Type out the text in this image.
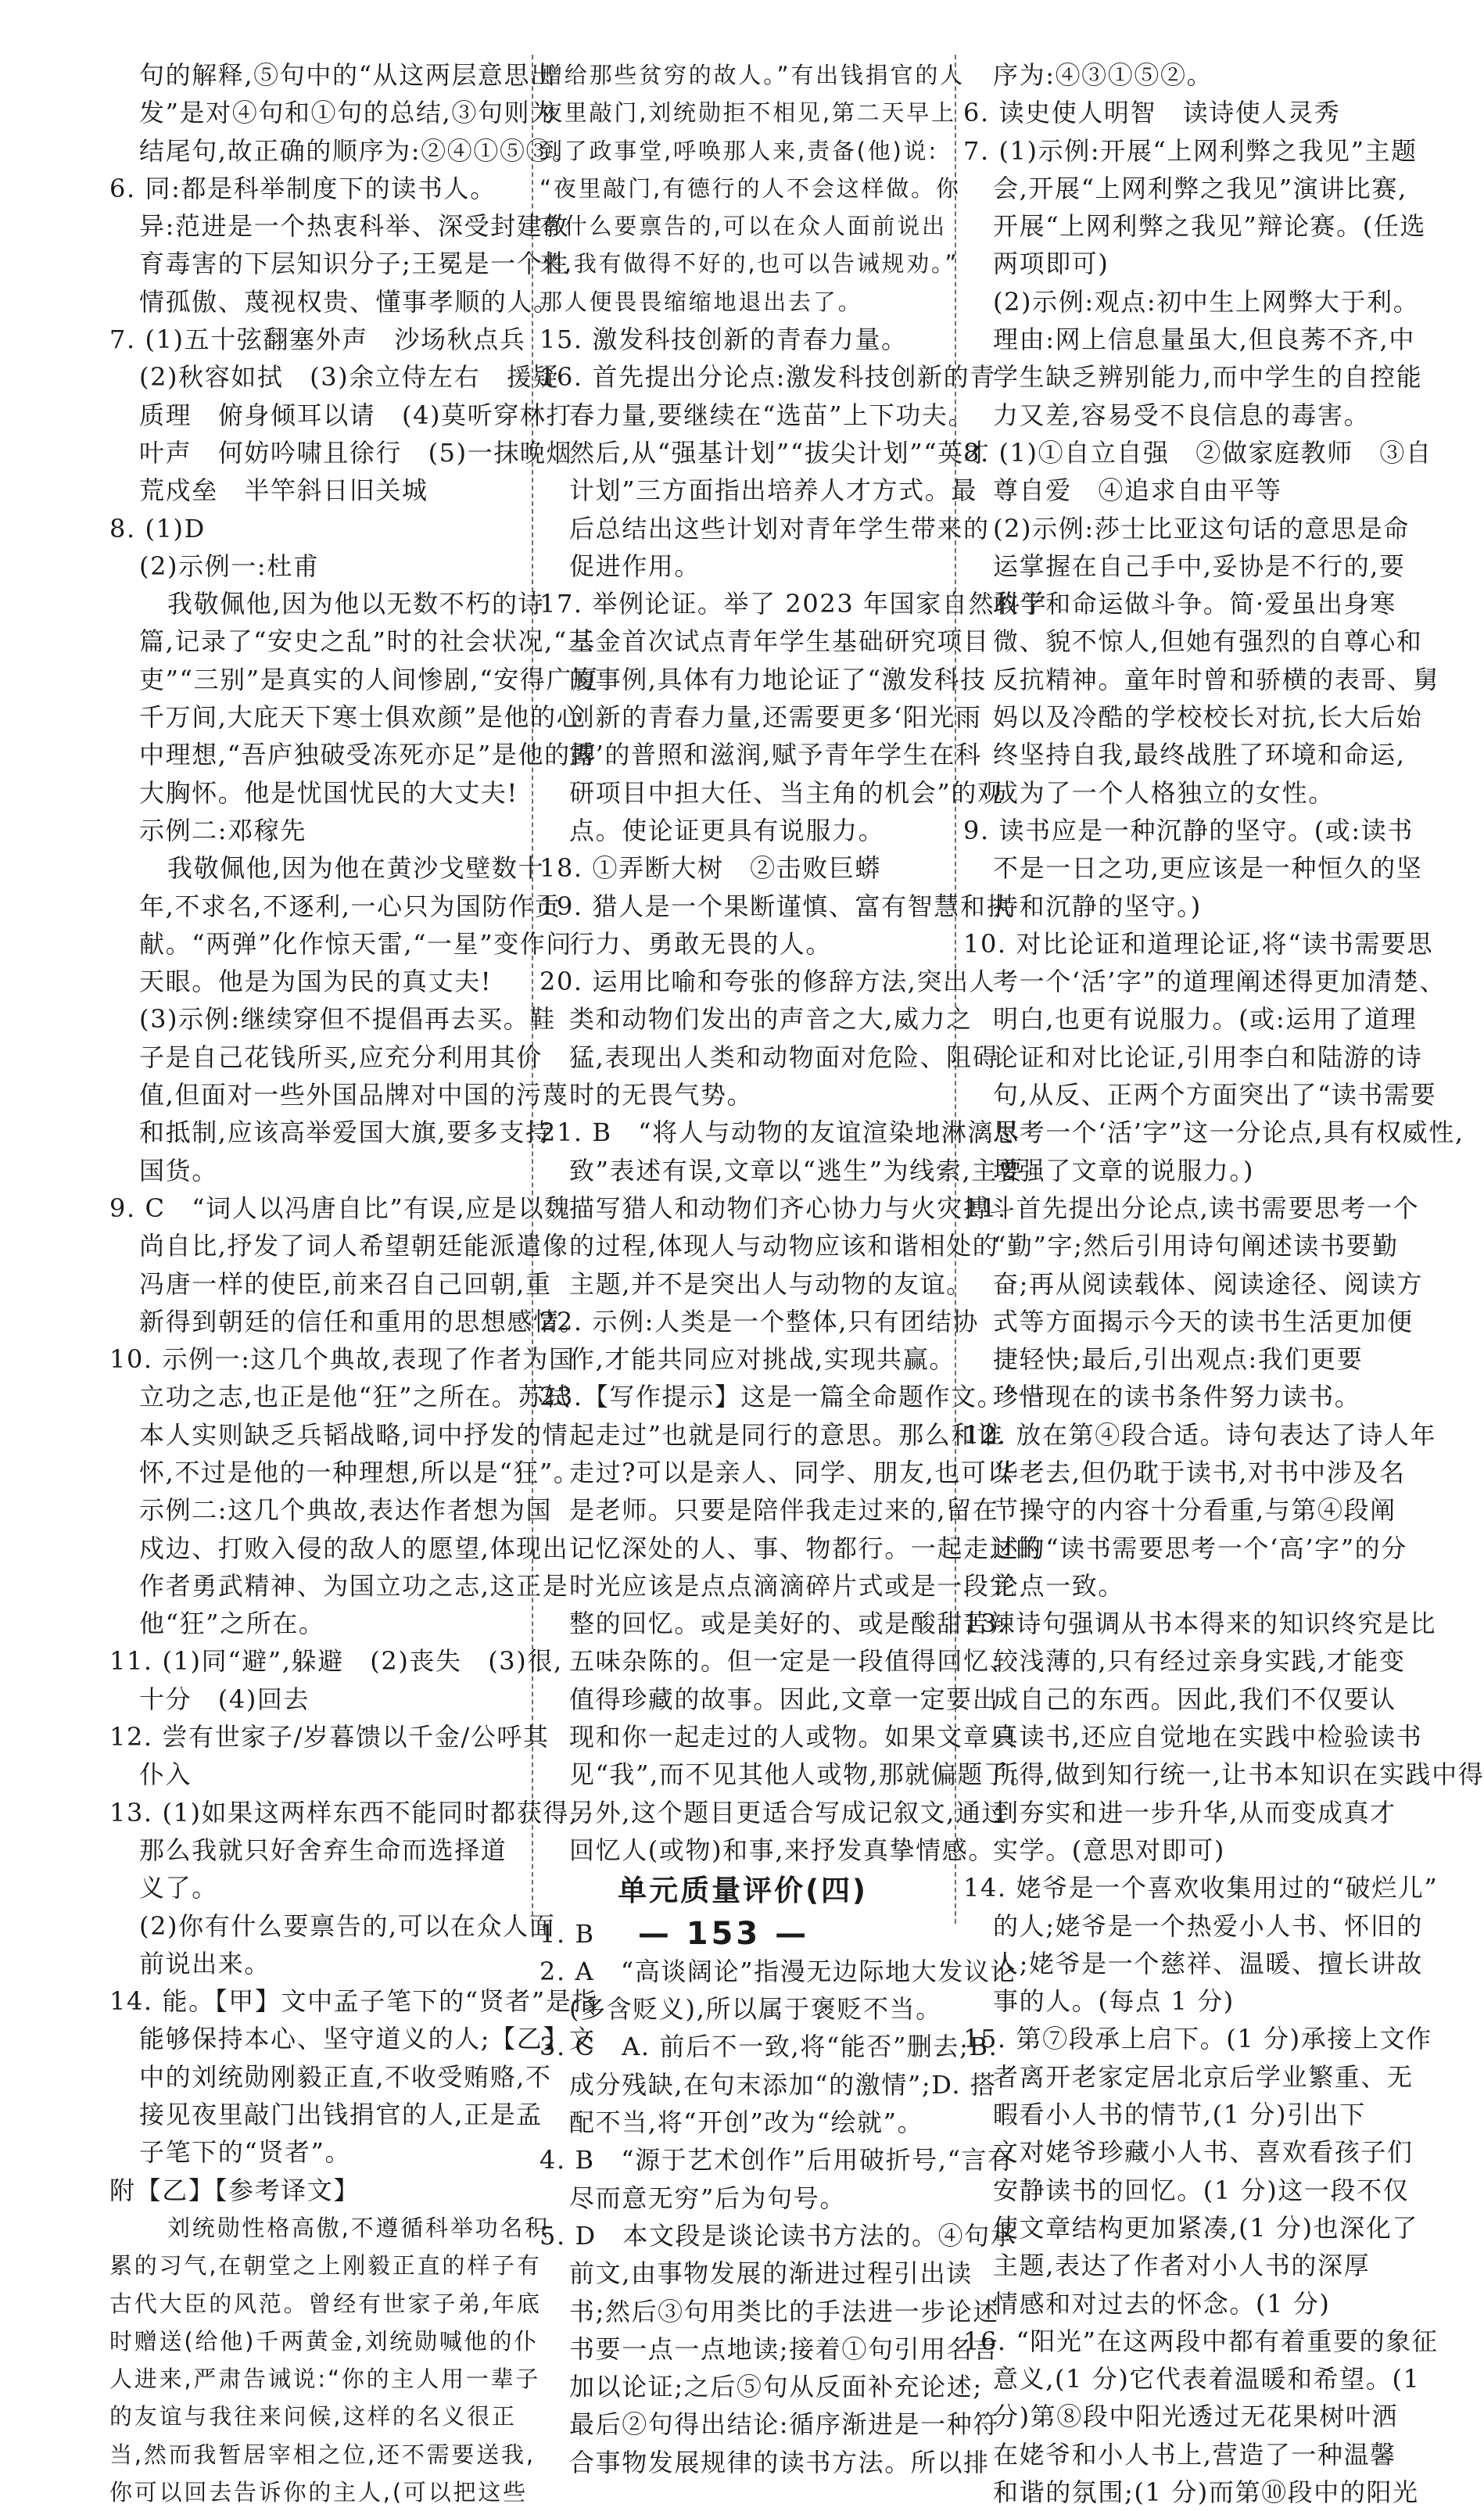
句的解释,⑤句中的“从这两层意思出
发”是对④句和①句的总结,③句则为
结尾句,故正确的顺序为:②④①⑤③。
6. 同:都是科举制度下的读书人。
异:范进是一个热衷科举、深受封建教
育毒害的下层知识分子;王冕是一个性
情孤傲、蔑视权贵、懂事孝顺的人。
7. (1)五十弦翻塞外声　沙场秋点兵
(2)秋容如拭　(3)余立侍左右　援疑
质理　俯身倾耳以请　(4)莫听穿林打
叶声　何妨吟啸且徐行　(5)一抹晚烟
荒戍垒　半竿斜日旧关城
8. (1)D
(2)示例一:杜甫
我敬佩他,因为他以无数不朽的诗
篇,记录了“安史之乱”时的社会状况,“三
吏”“三别”是真实的人间惨剧,“安得广厦
千万间,大庇天下寒士俱欢颜”是他的心
中理想,“吾庐独破受冻死亦足”是他的博
大胸怀。他是忧国忧民的大丈夫!
示例二:邓稼先
我敬佩他,因为他在黄沙戈壁数十
年,不求名,不逐利,一心只为国防作贡
献。“两弹”化作惊天雷,“一星”变作问
天眼。他是为国为民的真丈夫!
(3)示例:继续穿但不提倡再去买。鞋
子是自己花钱所买,应充分利用其价
值,但面对一些外国品牌对中国的污蔑
和抵制,应该高举爱国大旗,要多支持
国货。
9. C　“词人以冯唐自比”有误,应是以魏
尚自比,抒发了词人希望朝廷能派遣像
冯唐一样的使臣,前来召自己回朝,重
新得到朝廷的信任和重用的思想感情。
10. 示例一:这几个典故,表现了作者为国
立功之志,也正是他“狂”之所在。苏轼
本人实则缺乏兵韬战略,词中抒发的情
怀,不过是他的一种理想,所以是“狂”。
示例二:这几个典故,表达作者想为国
戍边、打败入侵的敌人的愿望,体现出
作者勇武精神、为国立功之志,这正是
他“狂”之所在。
11. (1)同“避”,躲避　(2)丧失　(3)很,
十分　(4)回去
12. 尝有世家子/岁暮馈以千金/公呼其
仆入
13. (1)如果这两样东西不能同时都获得,
那么我就只好舍弃生命而选择道
义了。
(2)你有什么要禀告的,可以在众人面
前说出来。
14. 能。【甲】文中孟子笔下的“贤者”是指
能够保持本心、坚守道义的人;【乙】文
中的刘统勋刚毅正直,不收受贿赂,不
接见夜里敲门出钱捐官的人,正是孟
子笔下的“贤者”。
附【乙】【参考译文】
刘统勋性格高傲,不遵循科举功名积
累的习气,在朝堂之上刚毅正直的样子有
古代大臣的风范。曾经有世家子弟,年底
时赠送(给他)千两黄金,刘统勋喊他的仆
人进来,严肃告诫说:“你的主人用一辈子
的友谊与我往来问候,这样的名义很正
当,然而我暂居宰相之位,还不需要送我,
你可以回去告诉你的主人,(可以把这些
赠给那些贫穷的故人。”有出钱捐官的人
夜里敲门,刘统勋拒不相见,第二天早上
到了政事堂,呼唤那人来,责备(他)说:
“夜里敲门,有德行的人不会这样做。你
有什么要禀告的,可以在众人面前说出
来,我有做得不好的,也可以告诫规劝。”
那人便畏畏缩缩地退出去了。
15. 激发科技创新的青春力量。
16. 首先提出分论点:激发科技创新的青
春力量,要继续在“选苗”上下功夫。
然后,从“强基计划”“拔尖计划”“英才
计划”三方面指出培养人才方式。最
后总结出这些计划对青年学生带来的
促进作用。
17. 举例论证。举了 2023 年国家自然科学
基金首次试点青年学生基础研究项目
的事例,具体有力地论证了“激发科技
创新的青春力量,还需要更多‘阳光雨
露’的普照和滋润,赋予青年学生在科
研项目中担大任、当主角的机会”的观
点。使论证更具有说服力。
18. ①弄断大树　②击败巨蟒
19. 猎人是一个果断谨慎、富有智慧和执
行力、勇敢无畏的人。
20. 运用比喻和夸张的修辞方法,突出人
类和动物们发出的声音之大,威力之
猛,表现出人类和动物面对危险、阻碍
时的无畏气势。
21. B　“将人与动物的友谊渲染地淋漓尽
致”表述有误,文章以“逃生”为线索,主要
描写猎人和动物们齐心协力与火灾搏斗
的过程,体现人与动物应该和谐相处的
主题,并不是突出人与动物的友谊。
22. 示例:人类是一个整体,只有团结协
作,才能共同应对挑战,实现共赢。
23.【写作提示】这是一篇全命题作文。“一
起走过”也就是同行的意思。那么和谁
走过?可以是亲人、同学、朋友,也可以
是老师。只要是陪伴我走过来的,留在
记忆深处的人、事、物都行。一起走过的
时光应该是点点滴滴碎片式或是一段完
整的回忆。或是美好的、或是酸甜苦辣
五味杂陈的。但一定是一段值得回忆、
值得珍藏的故事。因此,文章一定要出
现和你一起走过的人或物。如果文章只
见“我”,而不见其他人或物,那就偏题了。
另外,这个题目更适合写成记叙文,通过
回忆人(或物)和事,来抒发真挚情感。
单元质量评价(四)
1. B
2. A　“高谈阔论”指漫无边际地大发议论
(多含贬义),所以属于褒贬不当。
3. C　A. 前后不一致,将“能否”删去;B.
成分残缺,在句末添加“的激情”;D. 搭
配不当,将“开创”改为“绘就”。
4. B　“源于艺术创作”后用破折号,“言有
尽而意无穷”后为句号。
5. D　本文段是谈论读书方法的。④句承
前文,由事物发展的渐进过程引出读
书;然后③句用类比的手法进一步论述
书要一点一点地读;接着①句引用名言
加以论证;之后⑤句从反面补充论述;
最后②句得出结论:循序渐进是一种符
合事物发展规律的读书方法。所以排
序为:④③①⑤②。
6. 读史使人明智　读诗使人灵秀
7. (1)示例:开展“上网利弊之我见”主题
会,开展“上网利弊之我见”演讲比赛,
开展“上网利弊之我见”辩论赛。(任选
两项即可)
(2)示例:观点:初中生上网弊大于利。
理由:网上信息量虽大,但良莠不齐,中
学生缺乏辨别能力,而中学生的自控能
力又差,容易受不良信息的毒害。
8. (1)①自立自强　②做家庭教师　③自
尊自爱　④追求自由平等
(2)示例:莎士比亚这句话的意思是命
运掌握在自己手中,妥协是不行的,要
敢于和命运做斗争。简·爱虽出身寒
微、貌不惊人,但她有强烈的自尊心和
反抗精神。童年时曾和骄横的表哥、舅
妈以及冷酷的学校校长对抗,长大后始
终坚持自我,最终战胜了环境和命运,
成为了一个人格独立的女性。
9. 读书应是一种沉静的坚守。(或:读书
不是一日之功,更应该是一种恒久的坚
持和沉静的坚守。)
10. 对比论证和道理论证,将“读书需要思
考一个‘活’字”的道理阐述得更加清楚、
明白,也更有说服力。(或:运用了道理
论证和对比论证,引用李白和陆游的诗
句,从反、正两个方面突出了“读书需要
思考一个‘活’字”这一分论点,具有权威性,
增强了文章的说服力。)
11. 首先提出分论点,读书需要思考一个
“勤”字;然后引用诗句阐述读书要勤
奋;再从阅读载体、阅读途径、阅读方
式等方面揭示今天的读书生活更加便
捷轻快;最后,引出观点:我们更要
珍惜现在的读书条件努力读书。
12. 放在第④段合适。诗句表达了诗人年
华老去,但仍耽于读书,对书中涉及名
节操守的内容十分看重,与第④段阐
述的“读书需要思考一个‘高’字”的分
论点一致。
13. 诗句强调从书本得来的知识终究是比
较浅薄的,只有经过亲身实践,才能变
成自己的东西。因此,我们不仅要认
真读书,还应自觉地在实践中检验读书
所得,做到知行统一,让书本知识在实践中得
到夯实和进一步升华,从而变成真才
实学。(意思对即可)
14. 姥爷是一个喜欢收集用过的“破烂儿”
的人;姥爷是一个热爱小人书、怀旧的
人;姥爷是一个慈祥、温暖、擅长讲故
事的人。(每点 1 分)
15. 第⑦段承上启下。(1 分)承接上文作
者离开老家定居北京后学业繁重、无
暇看小人书的情节,(1 分)引出下
文对姥爷珍藏小人书、喜欢看孩子们
安静读书的回忆。(1 分)这一段不仅
使文章结构更加紧凑,(1 分)也深化了
主题,表达了作者对小人书的深厚
情感和对过去的怀念。(1 分)
16. “阳光”在这两段中都有着重要的象征
意义,(1 分)它代表着温暖和希望。(1
分)第⑧段中阳光透过无花果树叶洒
在姥爷和小人书上,营造了一种温馨
和谐的氛围;(1 分)而第⑩段中的阳光
— 153 —
